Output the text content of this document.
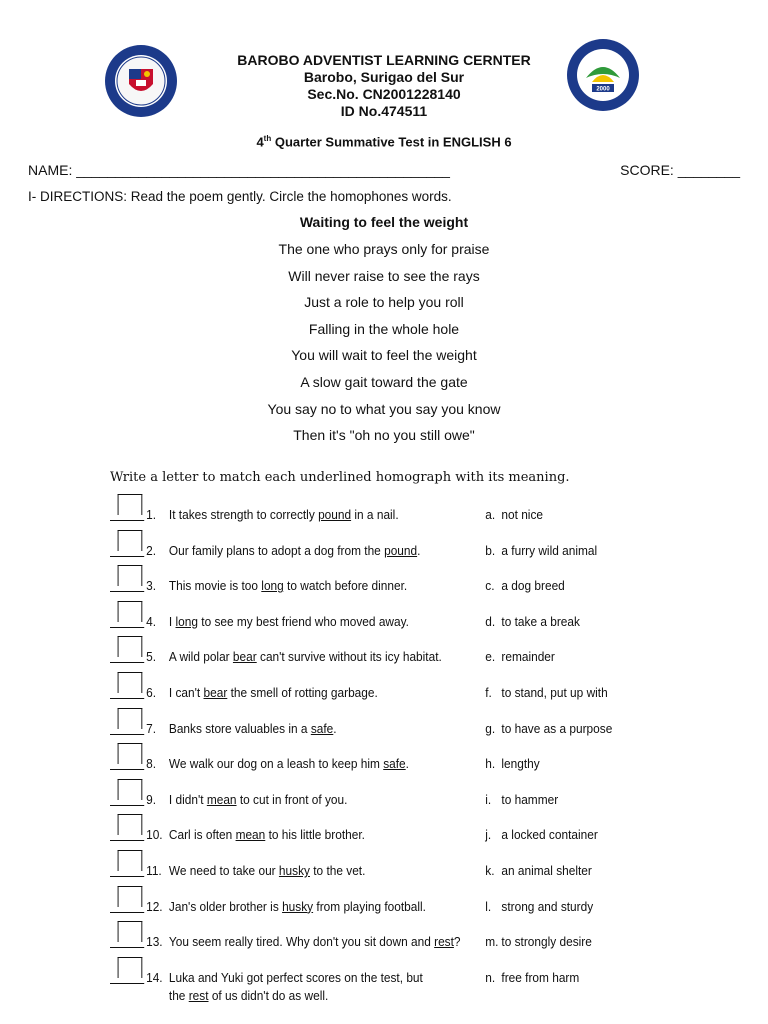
2000
BAROBO ADVENTIST LEARNING CERNTER
Barobo, Surigao del Sur
Sec.No. CN2001228140
ID No.474511
4th Quarter Summative Test in ENGLISH 6
NAME: ________________________________________________	SCORE: ________
I- DIRECTIONS: Read the poem gently. Circle the homophones words.
Waiting to feel the weight
The one who prays only for praise
Will never raise to see the rays
Just a role to help you roll
Falling in the whole hole
You will wait to feel the weight
A slow gait toward the gate
You say no to what you say you know
Then it's "oh no you still owe"
Write a letter to match each underlined homograph with its meaning.
1. It takes strength to correctly pound in a nail.	a. not nice
2. Our family plans to adopt a dog from the pound.	b. a furry wild animal
3. This movie is too long to watch before dinner.	c. a dog breed
4. I long to see my best friend who moved away.	d. to take a break
5. A wild polar bear can't survive without its icy habitat.	e. remainder
6. I can't bear the smell of rotting garbage.	f. to stand, put up with
7. Banks store valuables in a safe.	g. to have as a purpose
8. We walk our dog on a leash to keep him safe.	h. lengthy
9. I didn't mean to cut in front of you.	i. to hammer
10. Carl is often mean to his little brother.	j. a locked container
11. We need to take our husky to the vet.	k. an animal shelter
12. Jan's older brother is husky from playing football.	l. strong and sturdy
13. You seem really tired. Why don't you sit down and rest? m. to strongly desire
14. Luka and Yuki got perfect scores on the test, but
the rest of us didn't do as well.
n. free from harm
